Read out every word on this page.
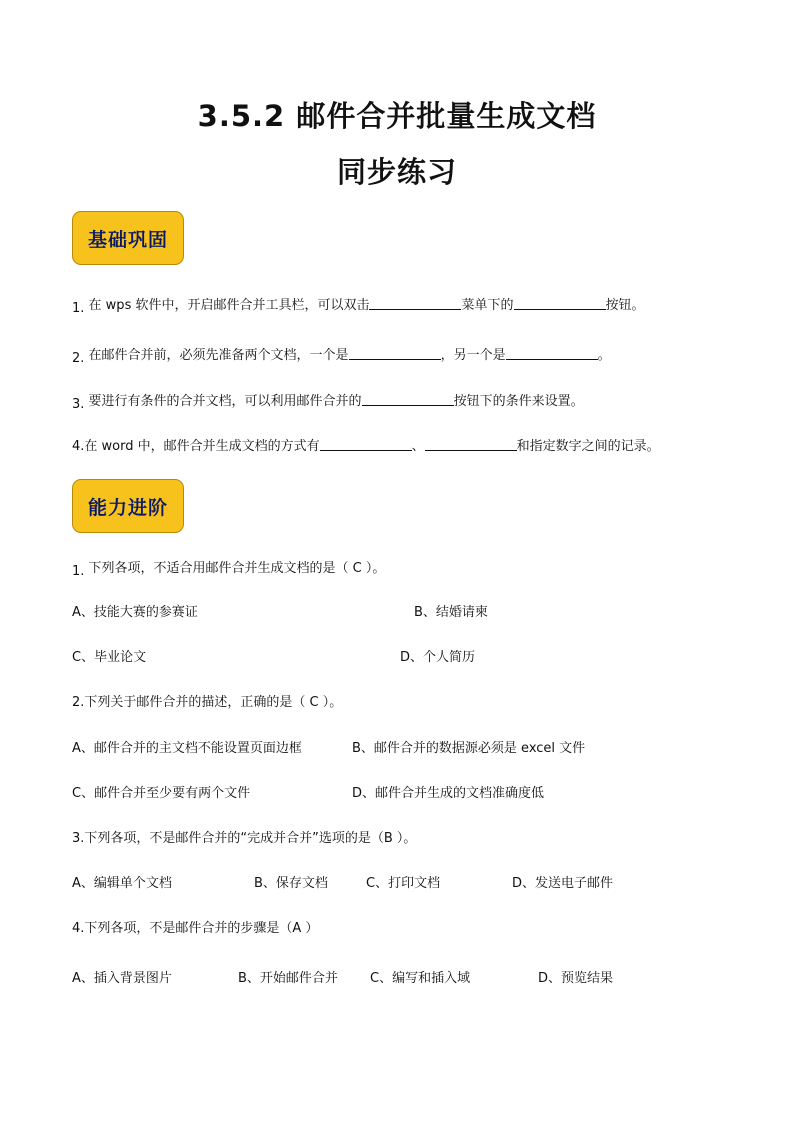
3.5.2 邮件合并批量生成文档
同步练习
基础巩固
1. 在 wps 软件中，开启邮件合并工具栏，可以双击	菜单下的	按钮。
2. 在邮件合并前，必须先准备两个文档，一个是	，另一个是	。
3. 要进行有条件的合并文档，可以利用邮件合并的	按钮下的条件来设置。
4.在 word 中，邮件合并生成文档的方式有	、	和指定数字之间的记录。
能力进阶
1. 下列各项，不适合用邮件合并生成文档的是（ C ）。
A、技能大赛的参赛证	B、结婚请柬
C、毕业论文	D、个人简历
2.下列关于邮件合并的描述，正确的是（ C ）。
A、邮件合并的主文档不能设置页面边框	B、邮件合并的数据源必须是 excel 文件
C、邮件合并至少要有两个文件	D、邮件合并生成的文档准确度低
3.下列各项，不是邮件合并的“完成并合并”选项的是（B ）。
A、编辑单个文档	B、保存文档	C、打印文档	D、发送电子邮件
4.下列各项，不是邮件合并的步骤是（A ）
A、插入背景图片	B、开始邮件合并 C、编写和插入域	D、预览结果
